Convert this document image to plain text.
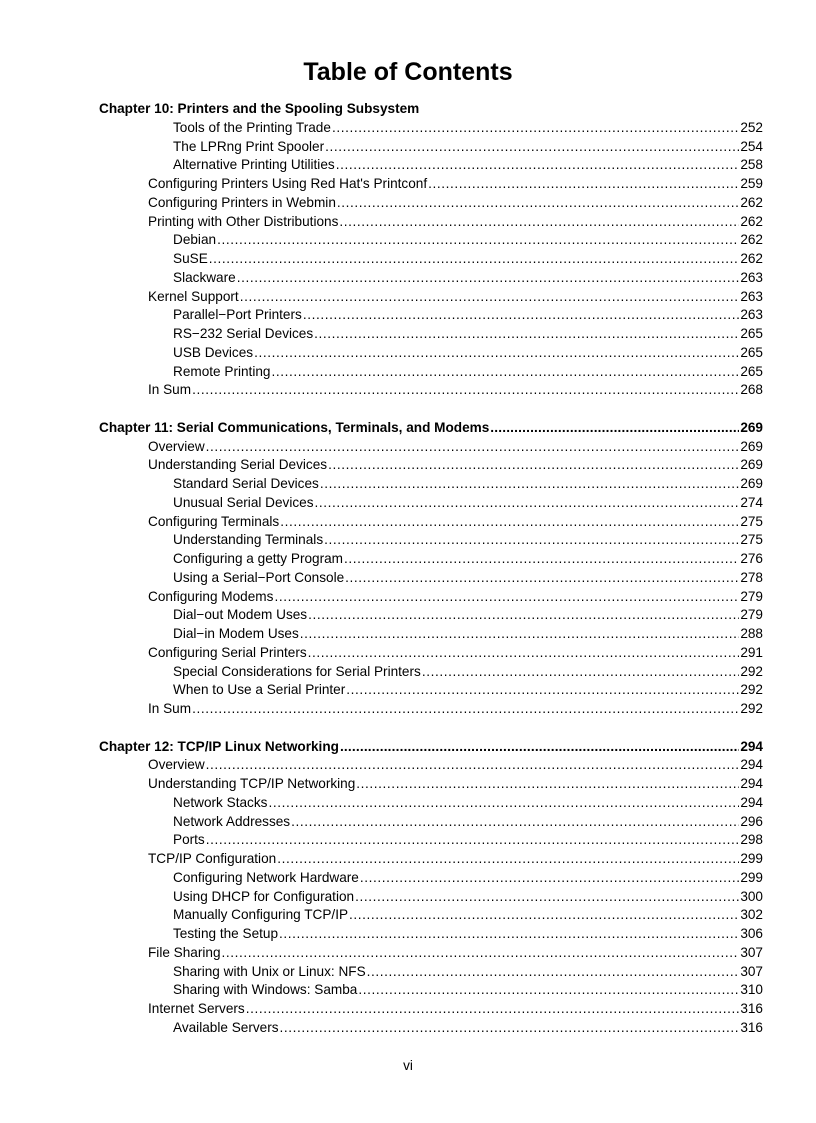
Table of Contents
Chapter 10: Printers and the Spooling Subsystem
Tools of the Printing Trade .....	252
The LPRng Print Spooler .....	254
Alternative Printing Utilities .....	258
Configuring Printers Using Red Hat's Printconf .....	259
Configuring Printers in Webmin .....	262
Printing with Other Distributions .....	262
Debian .....	262
SuSE .....	262
Slackware .....	263
Kernel Support .....	263
Parallel−Port Printers .....	263
RS−232 Serial Devices .....	265
USB Devices .....	265
Remote Printing .....	265
In Sum .....	268
Chapter 11: Serial Communications, Terminals, and Modems .....	269
Overview .....	269
Understanding Serial Devices .....	269
Standard Serial Devices .....	269
Unusual Serial Devices .....	274
Configuring Terminals .....	275
Understanding Terminals .....	275
Configuring a getty Program .....	276
Using a Serial−Port Console .....	278
Configuring Modems .....	279
Dial−out Modem Uses .....	279
Dial−in Modem Uses .....	288
Configuring Serial Printers .....	291
Special Considerations for Serial Printers .....	292
When to Use a Serial Printer .....	292
In Sum .....	292
Chapter 12: TCP/IP Linux Networking .....	294
Overview .....	294
Understanding TCP/IP Networking .....	294
Network Stacks .....	294
Network Addresses .....	296
Ports .....	298
TCP/IP Configuration .....	299
Configuring Network Hardware .....	299
Using DHCP for Configuration .....	300
Manually Configuring TCP/IP .....	302
Testing the Setup .....	306
File Sharing .....	307
Sharing with Unix or Linux: NFS .....	307
Sharing with Windows: Samba .....	310
Internet Servers .....	316
Available Servers .....	316
vi
